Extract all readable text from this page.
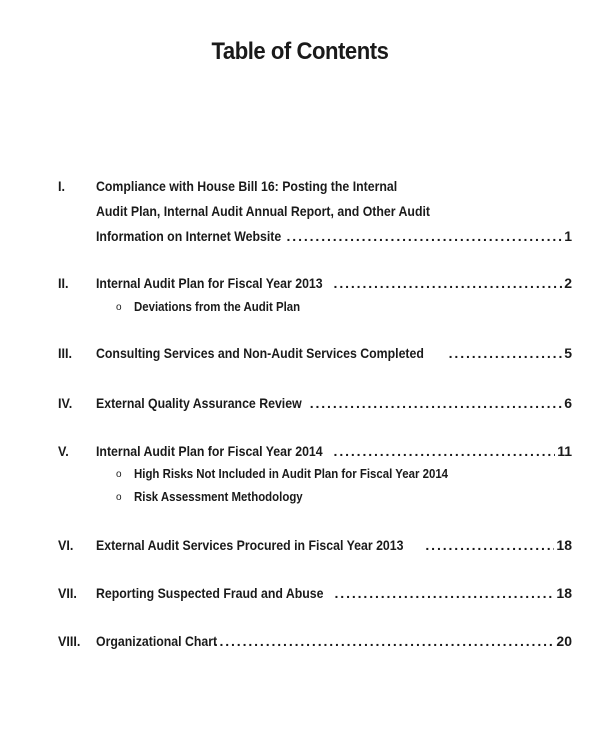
Table of Contents
I. Compliance with House Bill 16: Posting the Internal
Audit Plan, Internal Audit Annual Report, and Other Audit
Information on Internet Website . . .	1
II. Internal Audit Plan for Fiscal Year 2013 . . .	2
o Deviations from the Audit Plan
III. Consulting Services and Non-Audit Services Completed . . .	5
IV. External Quality Assurance Review . . .	6
V. Internal Audit Plan for Fiscal Year 2014 . . .	11
o High Risks Not Included in Audit Plan for Fiscal Year 2014
o Risk Assessment Methodology
VI. External Audit Services Procured in Fiscal Year 2013 . . .	18
VII. Reporting Suspected Fraud and Abuse . . .	18
VIII. Organizational Chart . . .	20
